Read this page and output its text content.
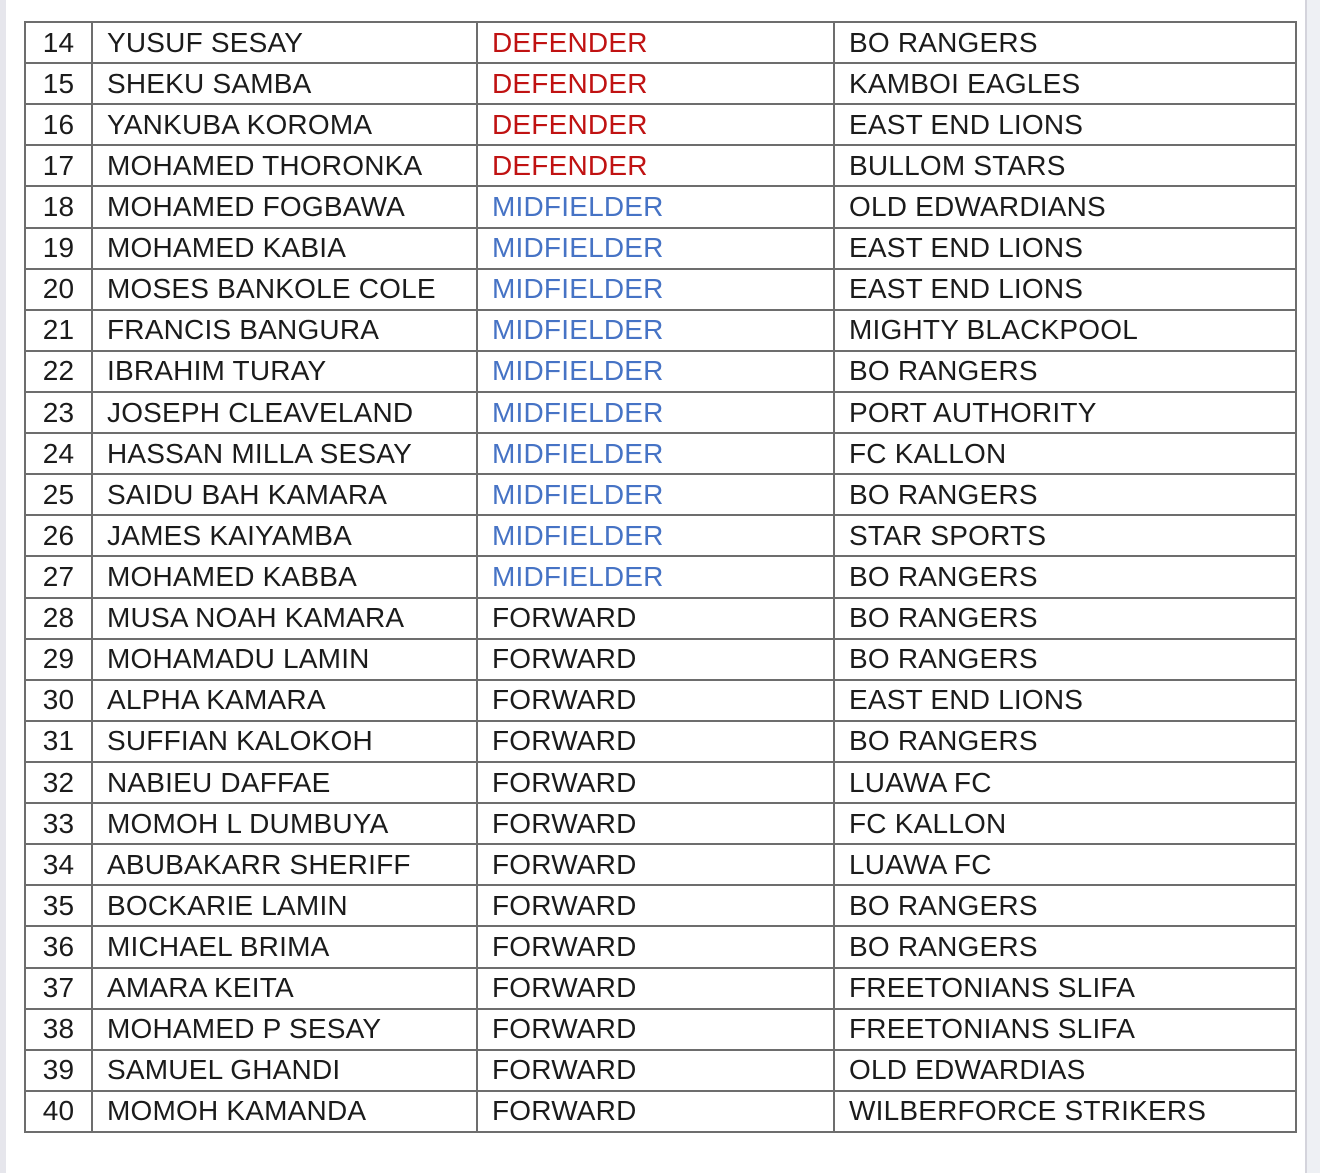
14	YUSUF SESAY	DEFENDER	BO RANGERS
15	SHEKU SAMBA	DEFENDER	KAMBOI EAGLES
16	YANKUBA KOROMA	DEFENDER	EAST END LIONS
17	MOHAMED THORONKA	DEFENDER	BULLOM STARS
18	MOHAMED FOGBAWA	MIDFIELDER	OLD EDWARDIANS
19	MOHAMED KABIA	MIDFIELDER	EAST END LIONS
20	MOSES BANKOLE COLE	MIDFIELDER	EAST END LIONS
21	FRANCIS BANGURA	MIDFIELDER	MIGHTY BLACKPOOL
22	IBRAHIM TURAY	MIDFIELDER	BO RANGERS
23	JOSEPH CLEAVELAND	MIDFIELDER	PORT AUTHORITY
24	HASSAN MILLA SESAY	MIDFIELDER	FC KALLON
25	SAIDU BAH KAMARA	MIDFIELDER	BO RANGERS
26	JAMES KAIYAMBA	MIDFIELDER	STAR SPORTS
27	MOHAMED KABBA	MIDFIELDER	BO RANGERS
28	MUSA NOAH KAMARA	FORWARD	BO RANGERS
29	MOHAMADU LAMIN	FORWARD	BO RANGERS
30	ALPHA KAMARA	FORWARD	EAST END LIONS
31	SUFFIAN KALOKOH	FORWARD	BO RANGERS
32	NABIEU DAFFAE	FORWARD	LUAWA FC
33	MOMOH L DUMBUYA	FORWARD	FC KALLON
34	ABUBAKARR SHERIFF	FORWARD	LUAWA FC
35	BOCKARIE LAMIN	FORWARD	BO RANGERS
36	MICHAEL BRIMA	FORWARD	BO RANGERS
37	AMARA KEITA	FORWARD	FREETONIANS SLIFA
38	MOHAMED P SESAY	FORWARD	FREETONIANS SLIFA
39	SAMUEL GHANDI	FORWARD	OLD EDWARDIAS
40	MOMOH KAMANDA	FORWARD	WILBERFORCE STRIKERS
